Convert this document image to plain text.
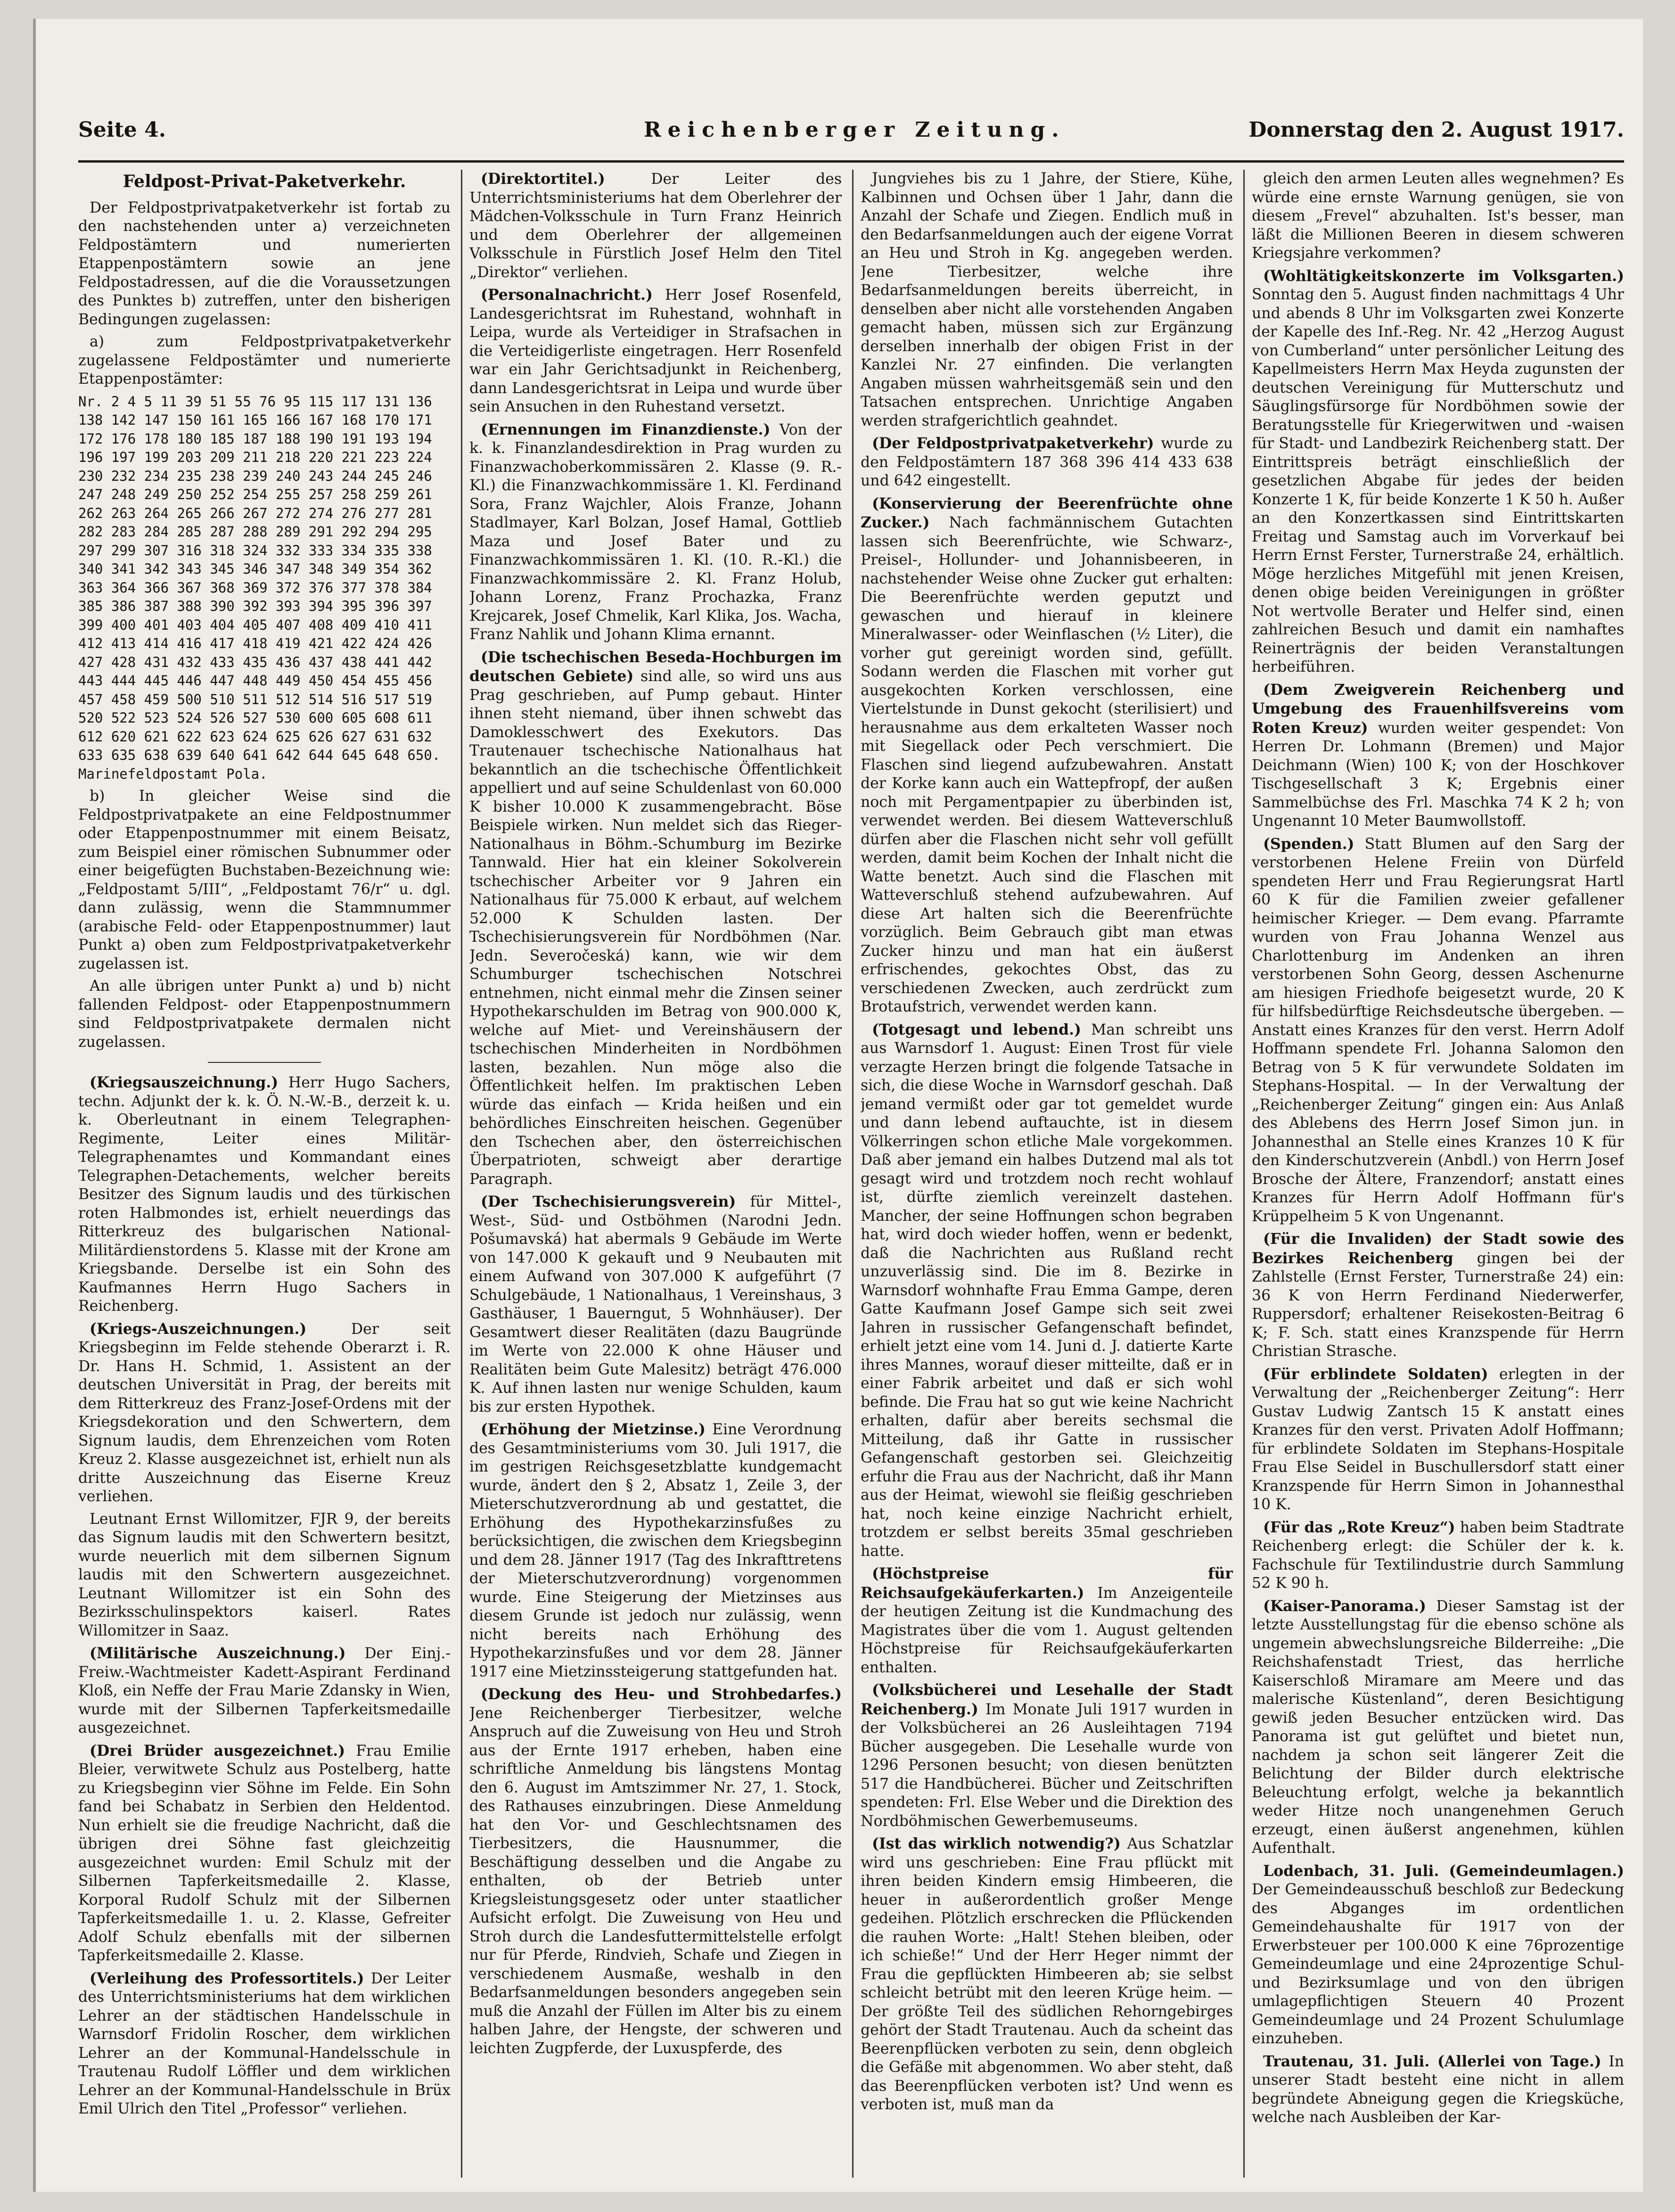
Seite 4.	Reichenberger Zeitung.	Donnerstag den 2. August 1917.
Feldpost-Privat-Paketverkehr.

Der Feldpostprivatpaketverkehr ist fortab zu den nachstehenden unter a) verzeichneten Feldpostämtern und numerierten Etappenpostämtern sowie an jene Feldpostadressen, auf die die Voraussetzungen des Punktes b) zutreffen, unter den bisherigen Bedingungen zugelassen:

a) zum Feldpostprivatpaketverkehr zugelassene Feldpostämter und numerierte Etappenpostämter:

Nr. 2 4 5 11 39 51 55 76 95 115 117 131 136 138 142 147 150 161 165 166 167 168 170 171 172 176 178 180 185 187 188 190 191 193 194 196 197 199 203 209 211 218 220 221 223 224 230 232 234 235 238 239 240 243 244 245 246 247 248 249 250 252 254 255 257 258 259 261 262 263 264 265 266 267 272 274 276 277 281 282 283 284 285 287 288 289 291 292 294 295 297 299 307 316 318 324 332 333 334 335 338 340 341 342 343 345 346 347 348 349 354 362 363 364 366 367 368 369 372 376 377 378 384 385 386 387 388 390 392 393 394 395 396 397 399 400 401 403 404 405 407 408 409 410 411 412 413 414 416 417 418 419 421 422 424 426 427 428 431 432 433 435 436 437 438 441 442 443 444 445 446 447 448 449 450 454 455 456 457 458 459 500 510 511 512 514 516 517 519 520 522 523 524 526 527 530 600 605 608 611 612 620 621 622 623 624 625 626 627 631 632 633 635 638 639 640 641 642 644 645 648 650. Marinefeldpostamt Pola.

b) In gleicher Weise sind die Feldpostprivatpakete an eine Feldpostnummer oder Etappenpostnummer mit einem Beisatz, zum Beispiel einer römischen Subnummer oder einer beigefügten Buchstaben-Bezeichnung wie: „Feldpostamt 5/III“, „Feldpostamt 76/r“ u. dgl. dann zulässig, wenn die Stammnummer (arabische Feld- oder Etappenpostnummer) laut Punkt a) oben zum Feldpostprivatpaketverkehr zugelassen ist.

An alle übrigen unter Punkt a) und b) nicht fallenden Feldpost- oder Etappenpostnummern sind Feldpostprivatpakete dermalen nicht zugelassen.

(Kriegsauszeichnung.) Herr Hugo Sachers, techn. Adjunkt der k. k. Ö. N.-W.-B., derzeit k. u. k. Oberleutnant in einem Telegraphen-Regimente, Leiter eines Militär-Telegraphenamtes und Kommandant eines Telegraphen-Detachements, welcher bereits Besitzer des Signum laudis und des türkischen roten Halbmondes ist, erhielt neuerdings das Ritterkreuz des bulgarischen National-Militärdienstordens 5. Klasse mit der Krone am Kriegsbande. Derselbe ist ein Sohn des Kaufmannes Herrn Hugo Sachers in Reichenberg.

(Kriegs-Auszeichnungen.)	Der seit Kriegsbeginn im Felde stehende Oberarzt i. R. Dr. Hans H. Schmid, 1. Assistent an der deutschen Universität in Prag, der bereits mit dem Ritterkreuz des Franz-Josef-Ordens mit der Kriegsdekoration und den Schwertern, dem Signum laudis, dem Ehrenzeichen vom Roten Kreuz 2. Klasse ausgezeichnet ist, erhielt nun als dritte Auszeichnung das Eiserne Kreuz verliehen.

Leutnant Ernst Willomitzer, FJR 9, der bereits das Signum laudis mit den Schwertern besitzt, wurde neuerlich mit dem silbernen Signum laudis mit den Schwertern ausgezeichnet. Leutnant Willomitzer ist ein Sohn des Bezirksschulinspektors kaiserl. Rates Willomitzer in Saaz.

(Militärische Auszeichnung.) Der Einj.-Freiw.-Wachtmeister Kadett-Aspirant Ferdinand Kloß, ein Neffe der Frau Marie Zdansky in Wien, wurde mit der Silbernen Tapferkeitsmedaille ausgezeichnet.

(Drei Brüder ausgezeichnet.) Frau Emilie Bleier, verwitwete Schulz aus Postelberg, hatte zu Kriegsbeginn vier Söhne im Felde. Ein Sohn fand bei Schabatz in Serbien den Heldentod. Nun erhielt sie die freudige Nachricht, daß die übrigen drei Söhne fast gleichzeitig ausgezeichnet wurden: Emil Schulz mit der Silbernen Tapferkeitsmedaille 2. Klasse, Korporal Rudolf Schulz mit der Silbernen Tapferkeitsmedaille 1. u. 2. Klasse, Gefreiter Adolf Schulz ebenfalls mit der silbernen Tapferkeitsmedaille 2. Klasse.

(Verleihung des Professortitels.) Der Leiter des Unterrichtsministeriums hat dem wirklichen Lehrer an der städtischen Handelsschule in Warnsdorf Fridolin Roscher, dem wirklichen Lehrer an der Kommunal-Handelsschule in Trautenau Rudolf Löffler und dem wirklichen Lehrer an der Kommunal-Handelsschule in Brüx Emil Ulrich den Titel „Professor“ verliehen.

(Direktortitel.)	Der Leiter des Unterrichtsministeriums hat dem Oberlehrer der Mädchen-Volksschule in Turn Franz Heinrich und dem Oberlehrer der allgemeinen Volksschule in Fürstlich Josef Helm den Titel „Direktor“ verliehen.

(Personalnachricht.) Herr Josef Rosenfeld, Landesgerichtsrat im Ruhestand, wohnhaft in Leipa, wurde als Verteidiger in Strafsachen in die Verteidigerliste eingetragen. Herr Rosenfeld war ein Jahr Gerichtsadjunkt in Reichenberg, dann Landesgerichtsrat in Leipa und wurde über sein Ansuchen in den Ruhestand versetzt.

(Ernennungen im Finanzdienste.) Von der k. k. Finanzlandesdirektion in Prag wurden zu Finanzwachoberkommissären 2. Klasse (9. R.-Kl.) die Finanzwachkommissäre 1. Kl. Ferdinand Sora, Franz Wajchler, Alois Franze, Johann Stadlmayer, Karl Bolzan, Josef Hamal, Gottlieb Maza und Josef Bater und zu Finanzwachkommissären 1. Kl. (10. R.-Kl.) die Finanzwachkommissäre 2. Kl. Franz Holub, Johann Lorenz, Franz Prochazka, Franz Krejcarek, Josef Chmelik, Karl Klika, Jos. Wacha, Franz Nahlik und Johann Klima ernannt.

(Die tschechischen Beseda-Hochburgen im deutschen Gebiete) sind alle, so wird uns aus Prag geschrieben, auf Pump gebaut. Hinter ihnen steht niemand, über ihnen schwebt das Damoklesschwert des Exekutors. Das Trautenauer tschechische Nationalhaus hat bekanntlich an die tschechische Öffentlichkeit appelliert und auf seine Schuldenlast von 60.000 K bisher 10.000 K zusammengebracht. Böse Beispiele wirken. Nun meldet sich das Rieger-Nationalhaus in Böhm.-Schumburg im Bezirke Tannwald. Hier hat ein kleiner Sokolverein tschechischer Arbeiter vor 9 Jahren ein Nationalhaus für 75.000 K erbaut, auf welchem 52.000 K Schulden lasten. Der Tschechisierungsverein für Nordböhmen (Nar. Jedn. Severočeská) kann, wie wir dem Schumburger tschechischen Notschrei entnehmen, nicht einmal mehr die Zinsen seiner Hypothekarschulden im Betrag von 900.000 K, welche auf Miet- und Vereinshäusern der tschechischen Minderheiten in Nordböhmen lasten, bezahlen. Nun möge also die Öffentlichkeit helfen. Im praktischen Leben würde das einfach — Krida heißen und ein behördliches Einschreiten heischen. Gegenüber den Tschechen aber, den österreichischen Überpatrioten, schweigt aber derartige Paragraph.

(Der Tschechisierungsverein) für Mittel-, West-, Süd- und Ostböhmen (Narodni Jedn. Pošumavská) hat abermals 9 Gebäude im Werte von 147.000 K gekauft und 9 Neubauten mit einem Aufwand von 307.000 K aufgeführt (7 Schulgebäude, 1 Nationalhaus, 1 Vereinshaus, 3 Gasthäuser, 1 Bauerngut, 5 Wohnhäuser). Der Gesamtwert dieser Realitäten (dazu Baugründe im Werte von 22.000 K ohne Häuser und Realitäten beim Gute Malesitz) beträgt 476.000 K. Auf ihnen lasten nur wenige Schulden, kaum bis zur ersten Hypothek.

(Erhöhung der Mietzinse.) Eine Verordnung des Gesamtministeriums vom 30. Juli 1917, die im gestrigen Reichsgesetzblatte kundgemacht wurde, ändert den § 2, Absatz 1, Zeile 3, der Mieterschutzverordnung ab und gestattet, die Erhöhung des Hypothekarzinsfußes zu berücksichtigen, die zwischen dem Kriegsbeginn und dem 28. Jänner 1917 (Tag des Inkrafttretens der Mieterschutzverordnung) vorgenommen wurde. Eine Steigerung der Mietzinses aus diesem Grunde ist jedoch nur zulässig, wenn nicht bereits nach Erhöhung des Hypothekarzinsfußes und vor dem 28. Jänner 1917 eine Mietzinssteigerung stattgefunden hat.

(Deckung des Heu- und Strohbedarfes.) Jene Reichenberger Tierbesitzer, welche Anspruch auf die Zuweisung von Heu und Stroh aus der Ernte 1917 erheben, haben eine schriftliche Anmeldung bis längstens Montag den 6. August im Amtszimmer Nr. 27, 1. Stock, des Rathauses einzubringen. Diese Anmeldung hat den Vor- und Geschlechtsnamen des Tierbesitzers, die Hausnummer, die Beschäftigung desselben und die Angabe zu enthalten, ob der Betrieb unter Kriegsleistungsgesetz oder unter staatlicher Aufsicht erfolgt. Die Zuweisung von Heu und Stroh durch die Landesfuttermittelstelle erfolgt nur für Pferde, Rindvieh, Schafe und Ziegen in verschiedenem Ausmaße, weshalb in den Bedarfsanmeldungen besonders angegeben sein muß die Anzahl der Füllen im Alter bis zu einem halben Jahre, der Hengste, der schweren und leichten Zugpferde, der Luxuspferde, des

Jungviehes bis zu 1 Jahre, der Stiere, Kühe, Kalbinnen und Ochsen über 1 Jahr, dann die Anzahl der Schafe und Ziegen. Endlich muß in den Bedarfsanmeldungen auch der eigene Vorrat an Heu und Stroh in Kg. angegeben werden. Jene Tierbesitzer, welche ihre Bedarfsanmeldungen bereits überreicht, in denselben aber nicht alle vorstehenden Angaben gemacht haben, müssen sich zur Ergänzung derselben innerhalb der obigen Frist in der Kanzlei Nr. 27 einfinden. Die verlangten Angaben müssen wahrheitsgemäß sein und den Tatsachen entsprechen. Unrichtige Angaben werden strafgerichtlich geahndet.

(Der Feldpostprivatpaketverkehr) wurde zu den Feldpostämtern 187 368 396 414 433 638 und 642 eingestellt.

(Konservierung der Beerenfrüchte ohne Zucker.) Nach fachmännischem Gutachten lassen sich Beerenfrüchte, wie Schwarz-, Preisel-, Hollunder- und Johannisbeeren, in nachstehender Weise ohne Zucker gut erhalten: Die Beerenfrüchte werden geputzt und gewaschen und hierauf in kleinere Mineralwasser- oder Weinflaschen (½ Liter), die vorher gut gereinigt worden sind, gefüllt. Sodann werden die Flaschen mit vorher gut ausgekochten Korken verschlossen, eine Viertelstunde in Dunst gekocht (sterilisiert) und herausnahme aus dem erkalteten Wasser noch mit Siegellack oder Pech verschmiert. Die Flaschen sind liegend aufzubewahren. Anstatt der Korke kann auch ein Wattepfropf, der außen noch mit Pergamentpapier zu überbinden ist, verwendet werden. Bei diesem Watteverschluß dürfen aber die Flaschen nicht sehr voll gefüllt werden, damit beim Kochen der Inhalt nicht die Watte benetzt. Auch sind die Flaschen mit Watteverschluß stehend aufzubewahren. Auf diese Art halten sich die Beerenfrüchte vorzüglich. Beim Gebrauch gibt man etwas Zucker hinzu und man hat ein äußerst erfrischendes, gekochtes Obst, das zu verschiedenen Zwecken, auch zerdrückt zum Brotaufstrich, verwendet werden kann.

(Totgesagt und lebend.) Man schreibt uns aus Warnsdorf 1. August: Einen Trost für viele verzagte Herzen bringt die folgende Tatsache in sich, die diese Woche in Warnsdorf geschah. Daß jemand vermißt oder gar tot gemeldet wurde und dann lebend auftauchte, ist in diesem Völkerringen schon etliche Male vorgekommen. Daß aber jemand ein halbes Dutzend mal als tot gesagt wird und trotzdem noch recht wohlauf ist, dürfte ziemlich vereinzelt dastehen. Mancher, der seine Hoffnungen schon begraben hat, wird doch wieder hoffen, wenn er bedenkt, daß die Nachrichten aus Rußland recht unzuverlässig sind. Die im 8. Bezirke in Warnsdorf wohnhafte Frau Emma Gampe, deren Gatte Kaufmann Josef Gampe sich seit zwei Jahren in russischer Gefangenschaft befindet, erhielt jetzt eine vom 14. Juni d. J. datierte Karte ihres Mannes, worauf dieser mitteilte, daß er in einer Fabrik arbeitet und daß er sich wohl befinde. Die Frau hat so gut wie keine Nachricht erhalten, dafür aber bereits sechsmal die Mitteilung, daß ihr Gatte in russischer Gefangenschaft gestorben sei. Gleichzeitig erfuhr die Frau aus der Nachricht, daß ihr Mann aus der Heimat, wiewohl sie fleißig geschrieben hat, noch keine einzige Nachricht erhielt, trotzdem er selbst bereits 35mal geschrieben hatte.

(Höchstpreise für Reichsaufgekäuferkarten.) Im Anzeigenteile der heutigen Zeitung ist die Kundmachung des Magistrates über die vom 1. August geltenden Höchstpreise für Reichsaufgekäuferkarten enthalten.

(Volksbücherei und Lesehalle der Stadt Reichenberg.) Im Monate Juli 1917 wurden in der Volksbücherei an 26 Ausleihtagen 7194 Bücher ausgegeben. Die Lesehalle wurde von 1296 Personen besucht; von diesen benützten 517 die Handbücherei. Bücher und Zeitschriften spendeten: Frl. Else Weber und die Direktion des Nordböhmischen Gewerbemuseums.

(Ist das wirklich notwendig?) Aus Schatzlar wird uns geschrieben: Eine Frau pflückt mit ihren beiden Kindern emsig Himbeeren, die heuer in außerordentlich großer Menge gedeihen. Plötzlich erschrecken die Pflückenden die rauhen Worte: „Halt! Stehen bleiben, oder ich schieße!“ Und der Herr Heger nimmt der Frau die gepflückten Himbeeren ab; sie selbst schleicht betrübt mit den leeren Krüge heim. — Der größte Teil des südlichen Rehorngebirges gehört der Stadt Trautenau. Auch da scheint das Beerenpflücken verboten zu sein, denn obgleich die Gefäße mit abgenommen. Wo aber steht, daß das Beerenpflücken verboten ist? Und wenn es verboten ist, muß man da

gleich den armen Leuten alles wegnehmen? Es würde eine ernste Warnung genügen, sie von diesem „Frevel“ abzuhalten. Ist's besser, man läßt die Millionen Beeren in diesem schweren Kriegsjahre verkommen?

(Wohltätigkeitskonzerte im Volksgarten.) Sonntag den 5. August finden nachmittags 4 Uhr und abends 8 Uhr im Volksgarten zwei Konzerte der Kapelle des Inf.-Reg. Nr. 42 „Herzog August von Cumberland“ unter persönlicher Leitung des Kapellmeisters Herrn Max Heyda zugunsten der deutschen Vereinigung für Mutterschutz und Säuglingsfürsorge für Nordböhmen sowie der Beratungsstelle für Kriegerwitwen und -waisen für Stadt- und Landbezirk Reichenberg statt. Der Eintrittspreis beträgt einschließlich der gesetzlichen Abgabe für jedes der beiden Konzerte 1 K, für beide Konzerte 1 K 50 h. Außer an den Konzertkassen sind Eintrittskarten Freitag und Samstag auch im Vorverkauf bei Herrn Ernst Ferster, Turnerstraße 24, erhältlich. Möge herzliches Mitgefühl mit jenen Kreisen, denen obige beiden Vereinigungen in größter Not wertvolle Berater und Helfer sind, einen zahlreichen Besuch und damit ein namhaftes Reinerträgnis der beiden Veranstaltungen herbeiführen.

(Dem Zweigverein Reichenberg und Umgebung des Frauenhilfsvereins vom Roten Kreuz) wurden weiter gespendet: Von Herren Dr. Lohmann (Bremen) und Major Deichmann (Wien) 100 K; von der Hoschkover Tischgesellschaft 3 K; Ergebnis einer Sammelbüchse des Frl. Maschka 74 K 2 h; von Ungenannt 10 Meter Baumwollstoff.

(Spenden.) Statt Blumen auf den Sarg der verstorbenen Helene Freiin von Dürfeld spendeten Herr und Frau Regierungsrat Hartl 60 K für die Familien zweier gefallener heimischer Krieger. — Dem evang. Pfarramte wurden von Frau Johanna Wenzel aus Charlottenburg im Andenken an ihren verstorbenen Sohn Georg, dessen Aschenurne am hiesigen Friedhofe beigesetzt wurde, 20 K für hilfsbedürftige Reichsdeutsche übergeben. — Anstatt eines Kranzes für den verst. Herrn Adolf Hoffmann spendete Frl. Johanna Salomon den Betrag von 5 K für verwundete Soldaten im Stephans-Hospital. — In der Verwaltung der „Reichenberger Zeitung“ gingen ein: Aus Anlaß des Ablebens des Herrn Josef Simon jun. in Johannesthal an Stelle eines Kranzes 10 K für den Kinderschutzverein (Anbdl.) von Herrn Josef Brosche der Ältere, Franzendorf; anstatt eines Kranzes für Herrn Adolf Hoffmann für's Krüppelheim 5 K von Ungenannt.

(Für die Invaliden) der Stadt sowie des Bezirkes Reichenberg gingen bei der Zahlstelle (Ernst Ferster, Turnerstraße 24) ein: 36 K von Herrn Ferdinand Niederwerfer, Ruppersdorf; erhaltener Reisekosten-Beitrag 6 K; F. Sch. statt eines Kranzspende für Herrn Christian Strasche.

(Für erblindete Soldaten) erlegten in der Verwaltung der „Reichenberger Zeitung“: Herr Gustav Ludwig Zantsch 15 K anstatt eines Kranzes für den verst. Privaten Adolf Hoffmann; für erblindete Soldaten im Stephans-Hospitale Frau Else Seidel in Buschullersdorf statt einer Kranzspende für Herrn Simon in Johannesthal 10 K.

(Für das „Rote Kreuz“) haben beim Stadtrate Reichenberg erlegt: die Schüler der k. k. Fachschule für Textilindustrie durch Sammlung 52 K 90 h.

(Kaiser-Panorama.) Dieser Samstag ist der letzte Ausstellungstag für die ebenso schöne als ungemein abwechslungsreiche Bilderreihe: „Die Reichshafenstadt Triest, das herrliche Kaiserschloß Miramare am Meere und das malerische Küstenland“, deren Besichtigung gewiß jeden Besucher entzücken wird. Das Panorama ist gut gelüftet und bietet nun, nachdem ja schon seit längerer Zeit die Belichtung der Bilder durch elektrische Beleuchtung erfolgt, welche ja bekanntlich weder Hitze noch unangenehmen Geruch erzeugt, einen äußerst angenehmen, kühlen Aufenthalt.

Lodenbach, 31. Juli. (Gemeindeumlagen.) Der Gemeindeausschuß beschloß zur Bedeckung des Abganges im ordentlichen Gemeindehaushalte für 1917 von der Erwerbsteuer per 100.000 K eine 76prozentige Gemeindeumlage und eine 24prozentige Schul- und Bezirksumlage und von den übrigen umlagepflichtigen Steuern 40 Prozent Gemeindeumlage und 24 Prozent Schulumlage einzuheben.

Trautenau, 31. Juli. (Allerlei von Tage.) In unserer Stadt besteht eine nicht in allem begründete Abneigung gegen die Kriegsküche, welche nach Ausbleiben der Kar-
